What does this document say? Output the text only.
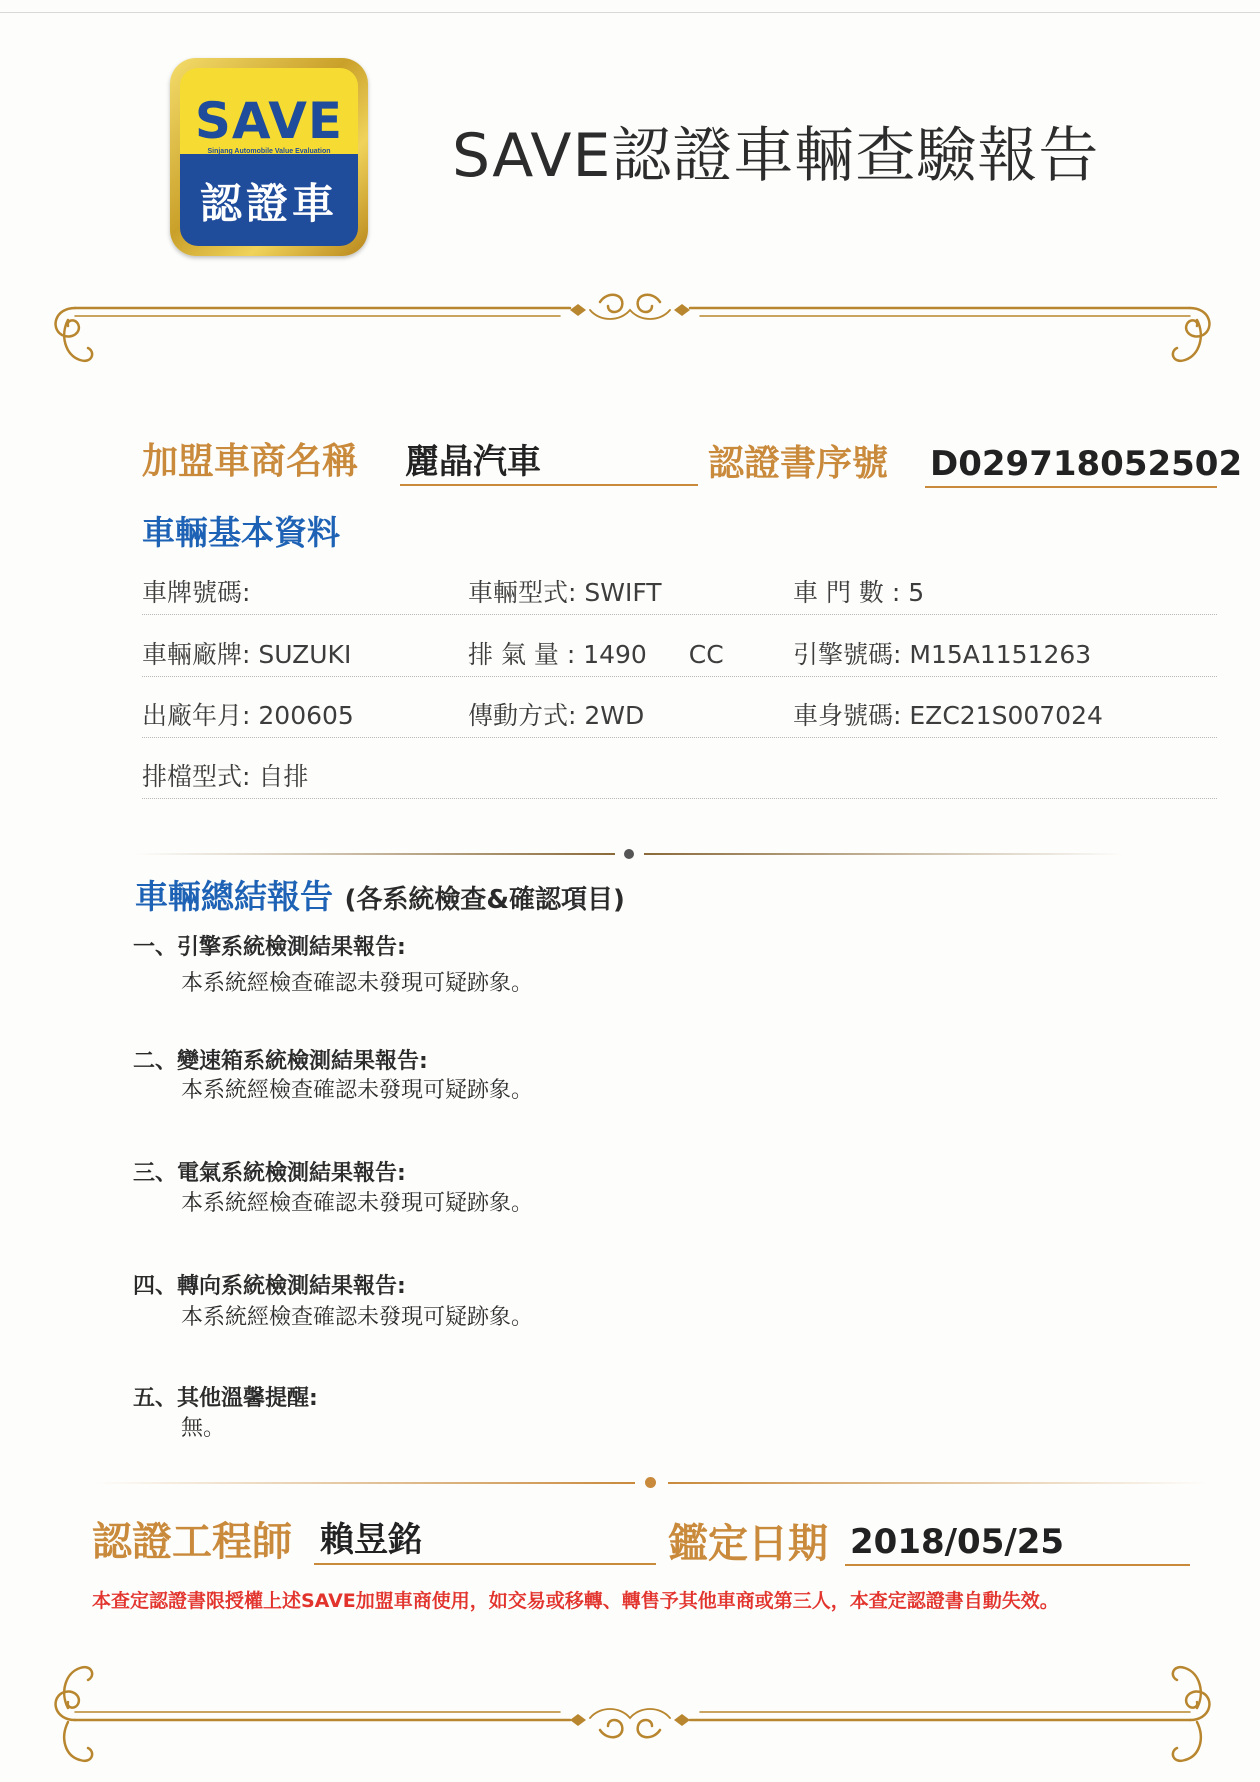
SAVE
Sinjang Automobile Value Evaluation
認證車
SAVE認證車輛查驗報告
加盟車商名稱 麗晶汽車	認證書序號 D029718052502
車輛基本資料
車牌號碼:	車輛型式: SWIFT	車 門 數 : 5
車輛廠牌: SUZUKI	排 氣 量 : 1490 CC	引擎號碼: M15A1151263
出廠年月: 200605	傳動方式: 2WD	車身號碼: EZC21S007024
排檔型式: 自排
車輛總結報告 (各系統檢查&確認項目)
一、引擎系統檢測結果報告:
本系統經檢查確認未發現可疑跡象。
二、變速箱系統檢測結果報告:
本系統經檢查確認未發現可疑跡象。
三、電氣系統檢測結果報告:
本系統經檢查確認未發現可疑跡象。
四、轉向系統檢測結果報告:
本系統經檢查確認未發現可疑跡象。
五、其他溫馨提醒:
無。
認證工程師 賴昱銘	鑑定日期 2018/05/25
本查定認證書限授權上述SAVE加盟車商使用，如交易或移轉、轉售予其他車商或第三人，本查定認證書自動失效。
